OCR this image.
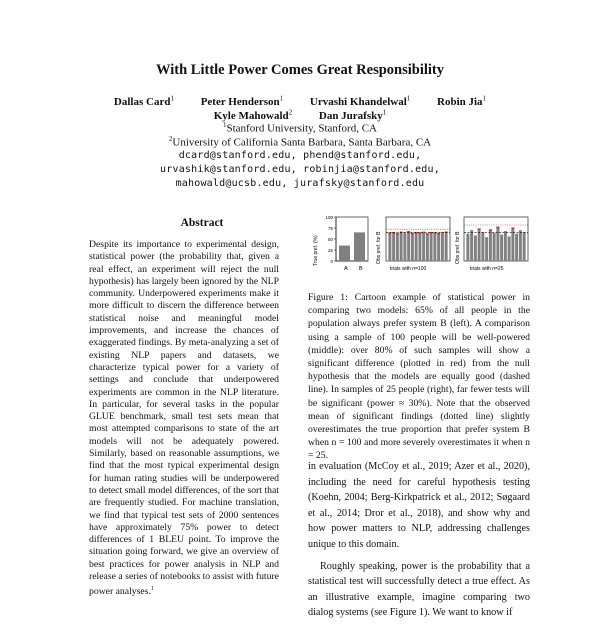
With Little Power Comes Great Responsibility
Dallas Card$^1$ Peter Henderson$^1$ Urvashi Khandelwal$^1$ Robin Jia$^1$
Kyle Mahowald$^2$ Dan Jurafsky$^1$
$^1$Stanford University, Stanford, CA
$^2$University of California Santa Barbara, Santa Barbara, CA
dcard@stanford.edu, phend@stanford.edu,
urvashik@stanford.edu, robinjia@stanford.edu,
mahowald@ucsb.edu, jurafsky@stanford.edu
Abstract
Despite its importance to experimental design, statistical power (the probability that, given a real effect, an experiment will reject the null hypothesis) has largely been ignored by the NLP community. Underpowered experiments make it more difficult to discern the difference between statistical noise and meaningful model improvements, and increase the chances of exaggerated findings. By meta-analyzing a set of existing NLP papers and datasets, we characterize typical power for a variety of settings and conclude that underpowered experiments are common in the NLP literature. In particular, for several tasks in the popular GLUE benchmark, small test sets mean that most attempted comparisons to state of the art models will not be adequately powered. Similarly, based on reasonable assumptions, we find that the most typical experimental design for human rating studies will be underpowered to detect small model differences, of the sort that are frequently studied. For machine translation, we find that typical test sets of 2000 sentences have approximately 75% power to detect differences of 1 BLEU point. To improve the situation going forward, we give an overview of best practices for power analysis in NLP and release a series of notebooks to assist with future power analyses.$^1$
True pref. (%)	0
25
50
75
100
A B
Obs pref. for B
trials with n=100
Obs pref. for B
trials with n=25
Figure 1: Cartoon example of statistical power in comparing two models: 65% of all people in the population always prefer system B (left). A comparison using a sample of 100 people will be well-powered (middle): over 80% of such samples will show a significant difference (plotted in red) from the null hypothesis that the models are equally good (dashed line). In samples of 25 people (right), far fewer tests will be significant (power ≈ 30%). Note that the observed mean of significant findings (dotted line) slightly overestimates the true proportion that prefer system B when n = 100 and more severely overestimates it when n = 25.

in evaluation (McCoy et al., 2019; Azer et al., 2020), including the need for careful hypothesis testing (Koehn, 2004; Berg-Kirkpatrick et al., 2012; Søgaard et al., 2014; Dror et al., 2018), and show why and how power matters to NLP, addressing challenges unique to this domain.

Roughly speaking, power is the probability that a statistical test will successfully detect a true effect. As an illustrative example, imagine comparing two dialog systems (see Figure 1). We want to know if
